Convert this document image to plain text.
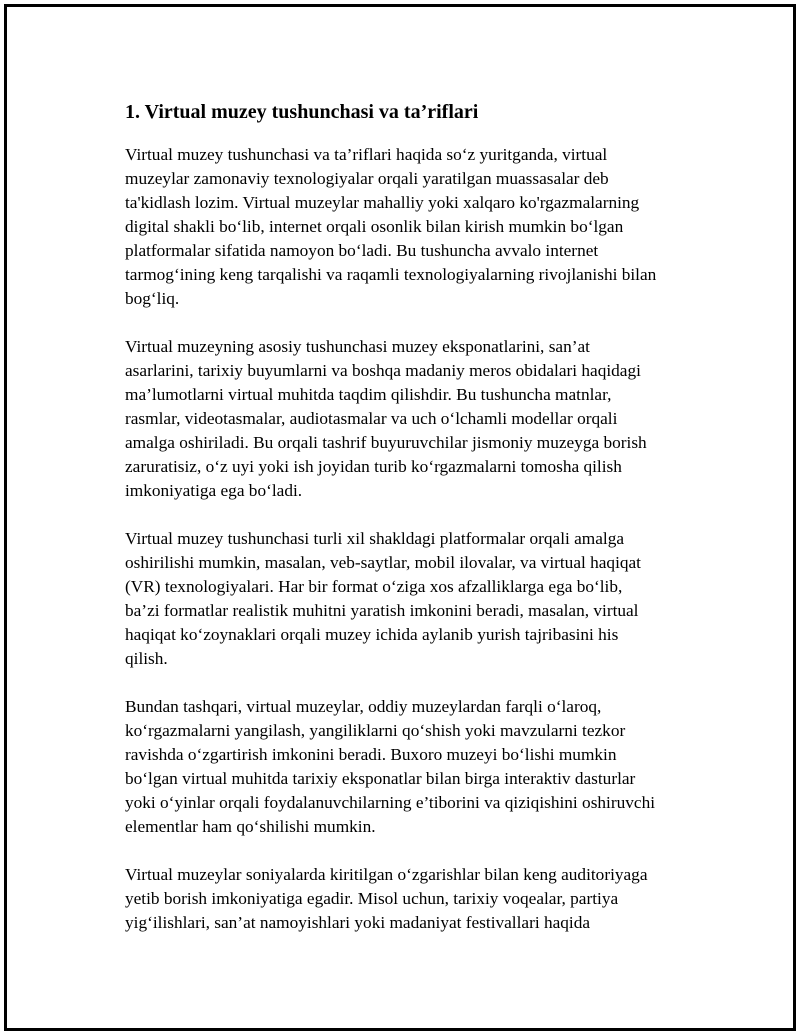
1. Virtual muzey tushunchasi va ta’riflari

Virtual muzey tushunchasi va ta’riflari haqida so‘z yuritganda, virtual
muzeylar zamonaviy texnologiyalar orqali yaratilgan muassasalar deb
ta'kidlash lozim. Virtual muzeylar mahalliy yoki xalqaro ko'rgazmalarning
digital shakli bo‘lib, internet orqali osonlik bilan kirish mumkin bo‘lgan
platformalar sifatida namoyon bo‘ladi. Bu tushuncha avvalo internet
tarmog‘ining keng tarqalishi va raqamli texnologiyalarning rivojlanishi bilan
bog‘liq.

Virtual muzeyning asosiy tushunchasi muzey eksponatlarini, san’at
asarlarini, tarixiy buyumlarni va boshqa madaniy meros obidalari haqidagi
ma’lumotlarni virtual muhitda taqdim qilishdir. Bu tushuncha matnlar,
rasmlar, videotasmalar, audiotasmalar va uch o‘lchamli modellar orqali
amalga oshiriladi. Bu orqali tashrif buyuruvchilar jismoniy muzeyga borish
zaruratisiz, o‘z uyi yoki ish joyidan turib ko‘rgazmalarni tomosha qilish
imkoniyatiga ega bo‘ladi.

Virtual muzey tushunchasi turli xil shakldagi platformalar orqali amalga
oshirilishi mumkin, masalan, veb-saytlar, mobil ilovalar, va virtual haqiqat
(VR) texnologiyalari. Har bir format o‘ziga xos afzalliklarga ega bo‘lib,
ba’zi formatlar realistik muhitni yaratish imkonini beradi, masalan, virtual
haqiqat ko‘zoynaklari orqali muzey ichida aylanib yurish tajribasini his
qilish.

Bundan tashqari, virtual muzeylar, oddiy muzeylardan farqli o‘laroq,
ko‘rgazmalarni yangilash, yangiliklarni qo‘shish yoki mavzularni tezkor
ravishda o‘zgartirish imkonini beradi. Buxoro muzeyi bo‘lishi mumkin
bo‘lgan virtual muhitda tarixiy eksponatlar bilan birga interaktiv dasturlar
yoki o‘yinlar orqali foydalanuvchilarning e’tiborini va qiziqishini oshiruvchi
elementlar ham qo‘shilishi mumkin.

Virtual muzeylar soniyalarda kiritilgan o‘zgarishlar bilan keng auditoriyaga
yetib borish imkoniyatiga egadir. Misol uchun, tarixiy voqealar, partiya
yig‘ilishlari, san’at namoyishlari yoki madaniyat festivallari haqida
